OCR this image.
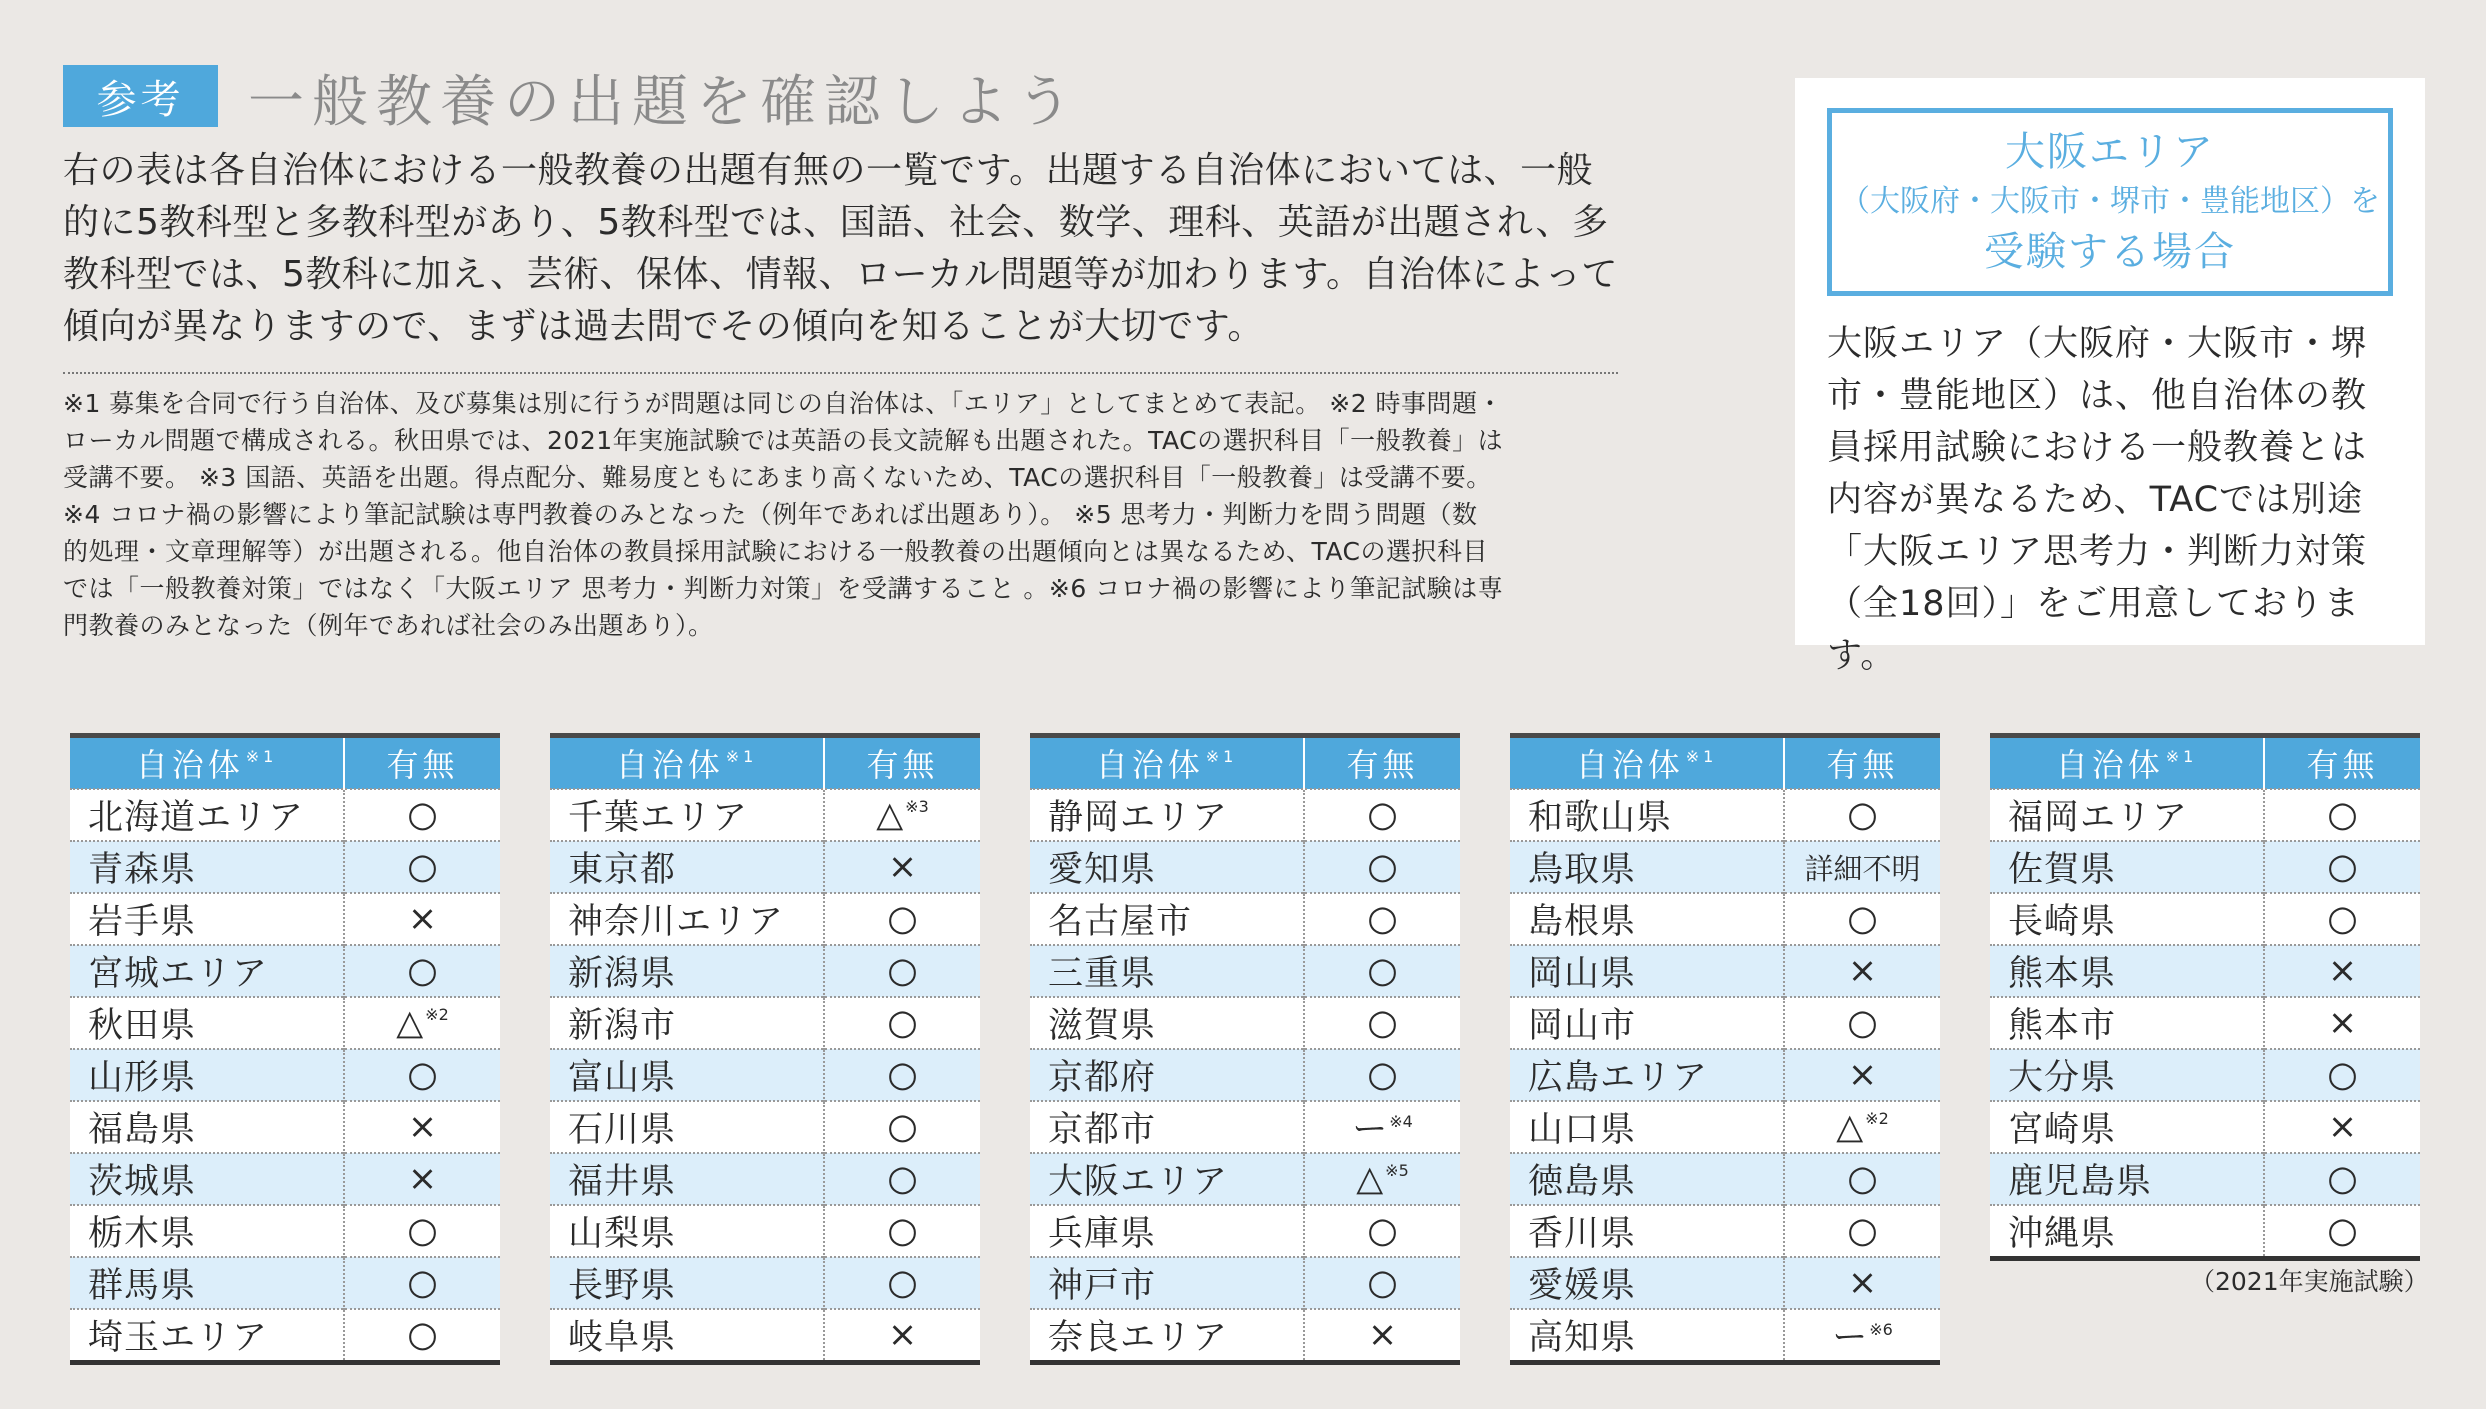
参考	一般教養の出題を確認しよう

右の表は各自治体における一般教養の出題有無の一覧です。出題する自治体においては、一般的に5教科型と多教科型があり、5教科型では、国語、社会、数学、理科、英語が出題され、多教科型では、5教科に加え、芸術、保体、情報、ローカル問題等が加わります。自治体によって傾向が異なりますので、まずは過去問でその傾向を知ることが大切です。

※1 募集を合同で行う自治体、及び募集は別に行うが問題は同じの自治体は、「エリア」としてまとめて表記。 ※2 時事問題・
ローカル問題で構成される。秋田県では、2021年実施試験では英語の長文読解も出題された。TACの選択科目「一般教養」は
受講不要。 ※3 国語、英語を出題。得点配分、難易度ともにあまり高くないため、TACの選択科目「一般教養」は受講不要。
※4 コロナ禍の影響により筆記試験は専門教養のみとなった（例年であれば出題あり）。 ※5 思考力・判断力を問う問題（数
的処理・文章理解等）が出題される。他自治体の教員採用試験における一般教養の出題傾向とは異なるため、TACの選択科目
では「一般教養対策」ではなく「大阪エリア 思考力・判断力対策」を受講すること 。※6 コロナ禍の影響により筆記試験は専
門教養のみとなった（例年であれば社会のみ出題あり）。

大阪エリア
（大阪府・大阪市・堺市・豊能地区）を
受験する場合

大阪エリア（大阪府・大阪市・堺市・豊能地区）は、他自治体の教員採用試験における一般教養とは内容が異なるため、TACでは別途「大阪エリア思考力・判断力対策（全18回）」をご用意しております。

自治体 $^{※1}$	有無
北海道エリア	○
青森県	○
岩手県	×
宮城エリア	○
秋田県	△ $^{※2}$
山形県	○
福島県	×
茨城県	×
栃木県	○
群馬県	○
埼玉エリア	○
自治体 $^{※1}$	有無
千葉エリア	△ $^{※3}$
東京都	×
神奈川エリア	○
新潟県	○
新潟市	○
富山県	○
石川県	○
福井県	○
山梨県	○
長野県	○
岐阜県	×
自治体 $^{※1}$	有無
静岡エリア	○
愛知県	○
名古屋市	○
三重県	○
滋賀県	○
京都府	○
京都市	ー $^{※4}$
大阪エリア	△ $^{※5}$
兵庫県	○
神戸市	○
奈良エリア	×
自治体 $^{※1}$	有無
和歌山県	○
鳥取県	詳細不明
島根県	○
岡山県	×
岡山市	○
広島エリア	×
山口県	△ $^{※2}$
徳島県	○
香川県	○
愛媛県	×
高知県	ー $^{※6}$
自治体 $^{※1}$	有無
福岡エリア	○
佐賀県	○
長崎県	○
熊本県	×
熊本市	×
大分県	○
宮崎県	×
鹿児島県	○
沖縄県	○
（2021年実施試験）
